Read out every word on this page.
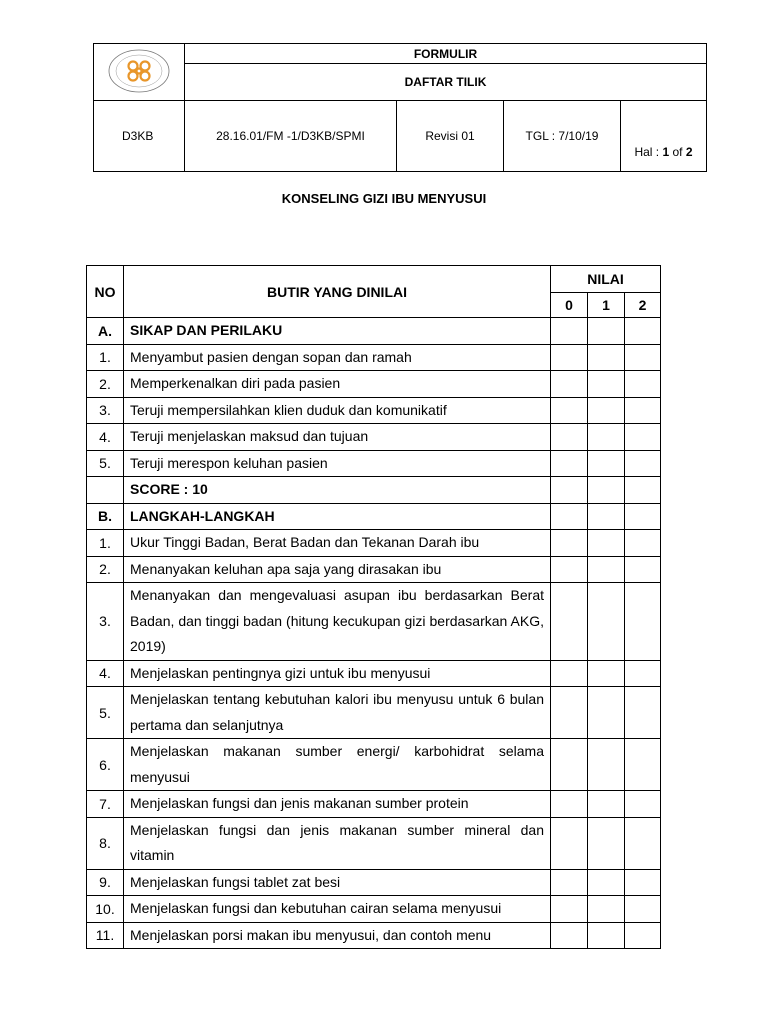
	FORMULIR			
	DAFTAR TILIK			
D3KB	28.16.01/FM -1/D3KB/SPMI	Revisi 01	TGL : 7/10/19	Hal : 1 of 2
KONSELING GIZI IBU MENYUSUI
NO	BUTIR YANG DINILAI	NILAI		
		0	1	2
A.	SIKAP DAN PERILAKU			
1.	Menyambut pasien dengan sopan dan ramah			
2.	Memperkenalkan diri pada pasien			
3.	Teruji mempersilahkan klien duduk dan komunikatif			
4.	Teruji menjelaskan maksud dan tujuan			
5.	Teruji merespon keluhan pasien			
	SCORE : 10			
B.	LANGKAH-LANGKAH			
1.	Ukur Tinggi Badan, Berat Badan dan Tekanan Darah ibu			
2.	Menanyakan keluhan apa saja yang dirasakan ibu			
3.	Menanyakan dan mengevaluasi asupan ibu berdasarkan Berat Badan, dan tinggi badan (hitung kecukupan gizi berdasarkan AKG, 2019)			
4.	Menjelaskan pentingnya gizi untuk ibu menyusui			
5.	Menjelaskan tentang kebutuhan kalori ibu menyusu untuk 6 bulan pertama dan selanjutnya			
6.	Menjelaskan makanan sumber energi/ karbohidrat selama menyusui			
7.	Menjelaskan fungsi dan jenis makanan sumber protein			
8.	Menjelaskan fungsi dan jenis makanan sumber mineral dan vitamin			
9.	Menjelaskan fungsi tablet zat besi			
10.	Menjelaskan fungsi dan kebutuhan cairan selama menyusui			
11.	Menjelaskan porsi makan ibu menyusui, dan contoh menu			
